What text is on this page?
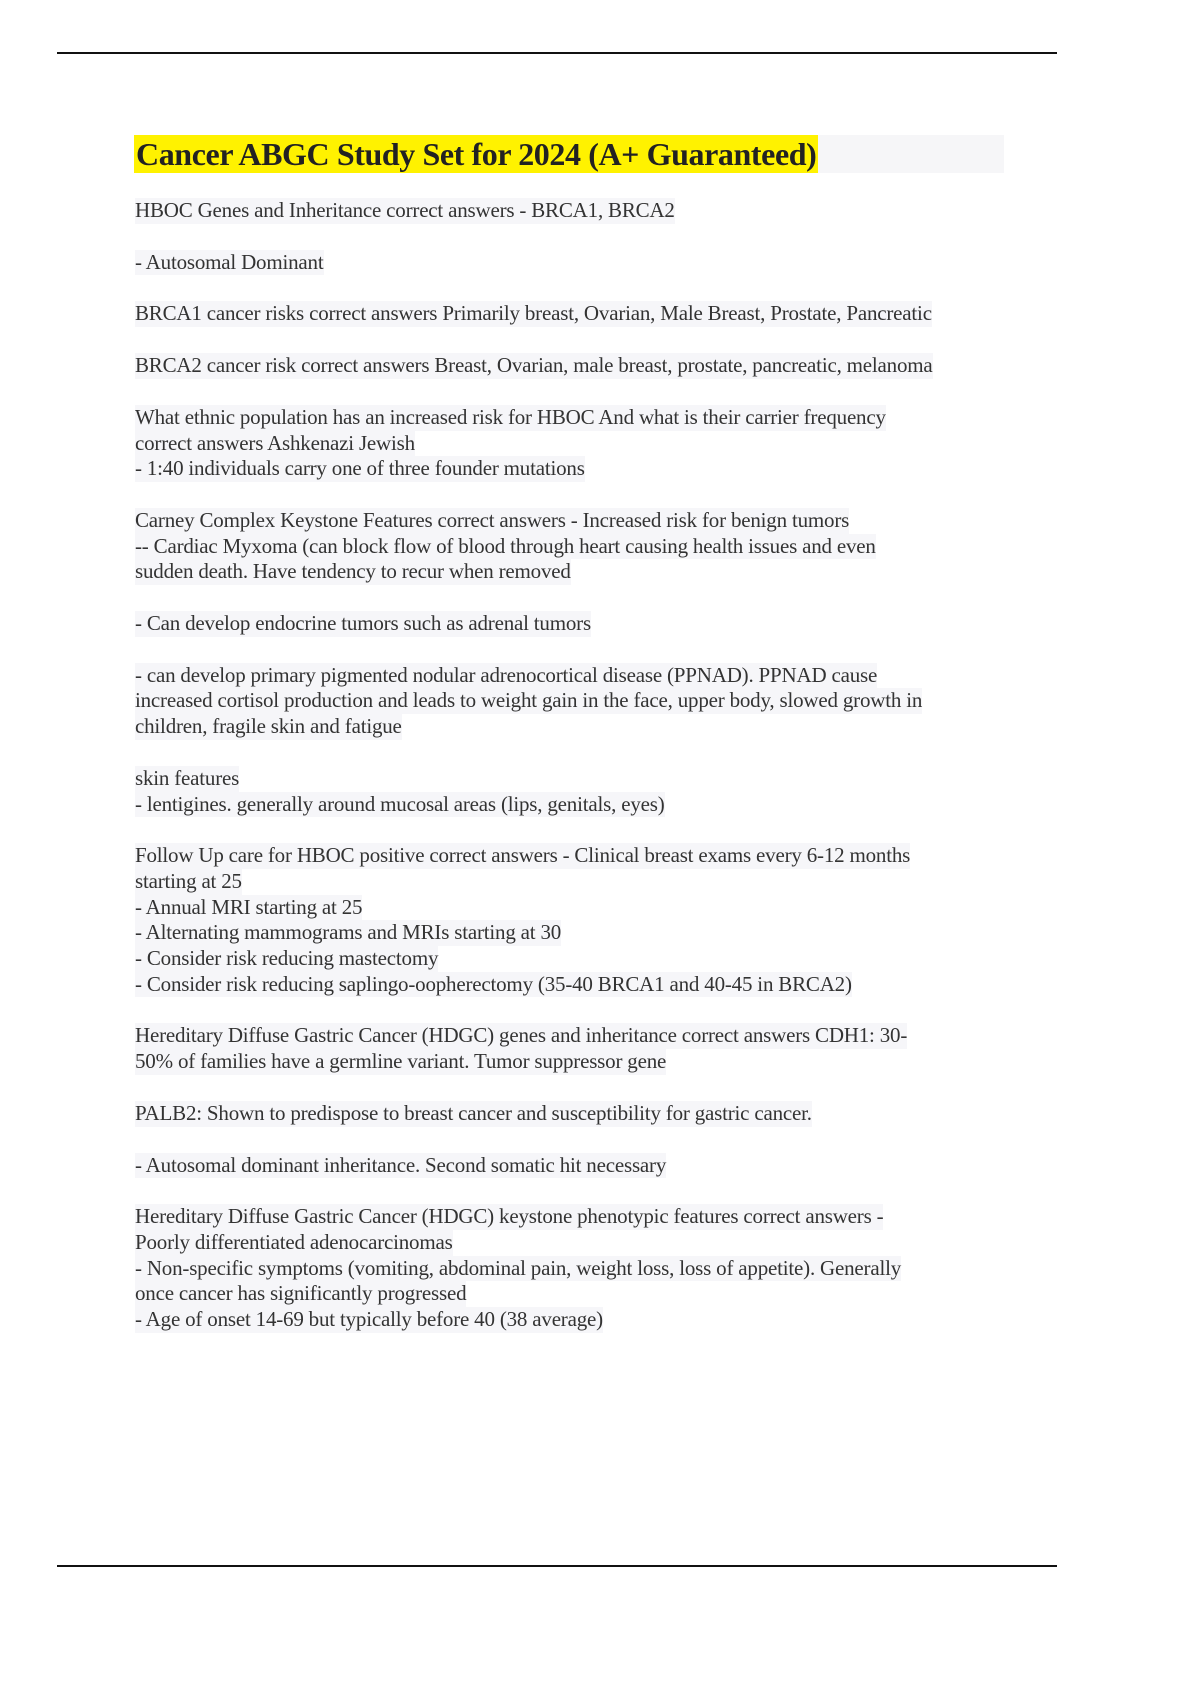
Cancer ABGC Study Set for 2024 (A+ Guaranteed)
HBOC Genes and Inheritance correct answers - BRCA1, BRCA2
- Autosomal Dominant
BRCA1 cancer risks correct answers Primarily breast, Ovarian, Male Breast, Prostate, Pancreatic
BRCA2 cancer risk correct answers Breast, Ovarian, male breast, prostate, pancreatic, melanoma
What ethnic population has an increased risk for HBOC And what is their carrier frequency
correct answers Ashkenazi Jewish
- 1:40 individuals carry one of three founder mutations
Carney Complex Keystone Features correct answers - Increased risk for benign tumors
-- Cardiac Myxoma (can block flow of blood through heart causing health issues and even
sudden death. Have tendency to recur when removed
- Can develop endocrine tumors such as adrenal tumors
- can develop primary pigmented nodular adrenocortical disease (PPNAD). PPNAD cause
increased cortisol production and leads to weight gain in the face, upper body, slowed growth in
children, fragile skin and fatigue
skin features
- lentigines. generally around mucosal areas (lips, genitals, eyes)
Follow Up care for HBOC positive correct answers - Clinical breast exams every 6-12 months
starting at 25
- Annual MRI starting at 25
- Alternating mammograms and MRIs starting at 30
- Consider risk reducing mastectomy
- Consider risk reducing saplingo-oopherectomy (35-40 BRCA1 and 40-45 in BRCA2)
Hereditary Diffuse Gastric Cancer (HDGC) genes and inheritance correct answers CDH1: 30-
50% of families have a germline variant. Tumor suppressor gene
PALB2: Shown to predispose to breast cancer and susceptibility for gastric cancer.
- Autosomal dominant inheritance. Second somatic hit necessary
Hereditary Diffuse Gastric Cancer (HDGC) keystone phenotypic features correct answers -
Poorly differentiated adenocarcinomas
- Non-specific symptoms (vomiting, abdominal pain, weight loss, loss of appetite). Generally
once cancer has significantly progressed
- Age of onset 14-69 but typically before 40 (38 average)
